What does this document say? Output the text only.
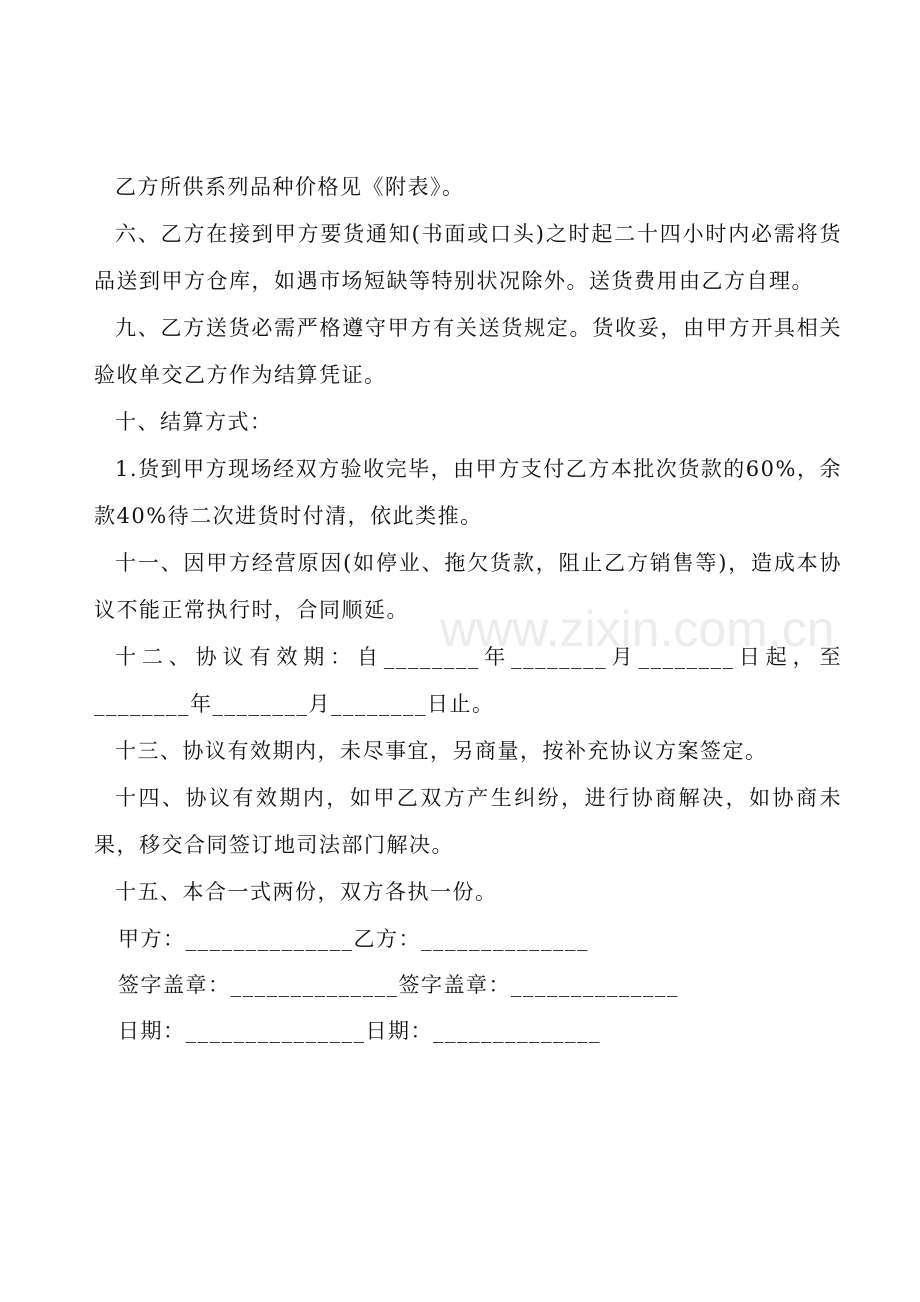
乙方所供系列品种价格见《附表》。

六、乙方在接到甲方要货通知(书面或口头)之时起二十四小时内必需将货品送到甲方仓库，如遇市场短缺等特别状况除外。送货费用由乙方自理。

九、乙方送货必需严格遵守甲方有关送货规定。货收妥，由甲方开具相关验收单交乙方作为结算凭证。

十、结算方式：

1.货到甲方现场经双方验收完毕，由甲方支付乙方本批次货款的60%，余款40%待二次进货时付清，依此类推。

十一、因甲方经营原因(如停业、拖欠货款，阻止乙方销售等)，造成本协议不能正常执行时，合同顺延。

十二、协议有效期：自________年________月________日起，至________年________月________日止。

十三、协议有效期内，未尽事宜，另商量，按补充协议方案签定。

十四、协议有效期内，如甲乙双方产生纠纷，进行协商解决，如协商未果，移交合同签订地司法部门解决。

十五、本合一式两份，双方各执一份。

甲方：______________乙方：______________

签字盖章：______________签字盖章：______________

日期：_______________日期：______________

www.zixin.com.cn
